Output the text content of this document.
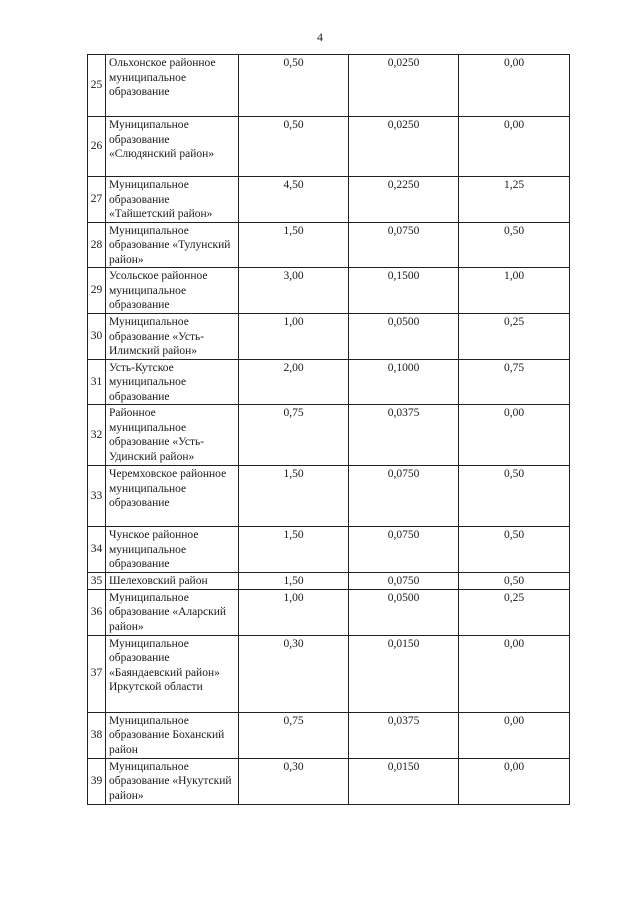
4
25	Ольхонское районное муниципальное образование	0,50	0,0250	0,00
26	Муниципальное образование «Слюдянский район»	0,50	0,0250	0,00
27	Муниципальное образование «Тайшетский район»	4,50	0,2250	1,25
28	Муниципальное образование «Тулунский район»	1,50	0,0750	0,50
29	Усольское районное муниципальное образование	3,00	0,1500	1,00
30	Муниципальное образование «Усть-Илимский район»	1,00	0,0500	0,25
31	Усть-Кутское муниципальное образование	2,00	0,1000	0,75
32	Районное муниципальное образование «Усть-Удинский район»	0,75	0,0375	0,00
33	Черемховское районное муниципальное образование	1,50	0,0750	0,50
34	Чунское районное муниципальное образование	1,50	0,0750	0,50
35	Шелеховский район	1,50	0,0750	0,50
36	Муниципальное образование «Аларский район»	1,00	0,0500	0,25
37	Муниципальное образование «Баяндаевский район» Иркутской области	0,30	0,0150	0,00
38	Муниципальное образование Боханский район	0,75	0,0375	0,00
39	Муниципальное образование «Нукутский район»	0,30	0,0150	0,00
